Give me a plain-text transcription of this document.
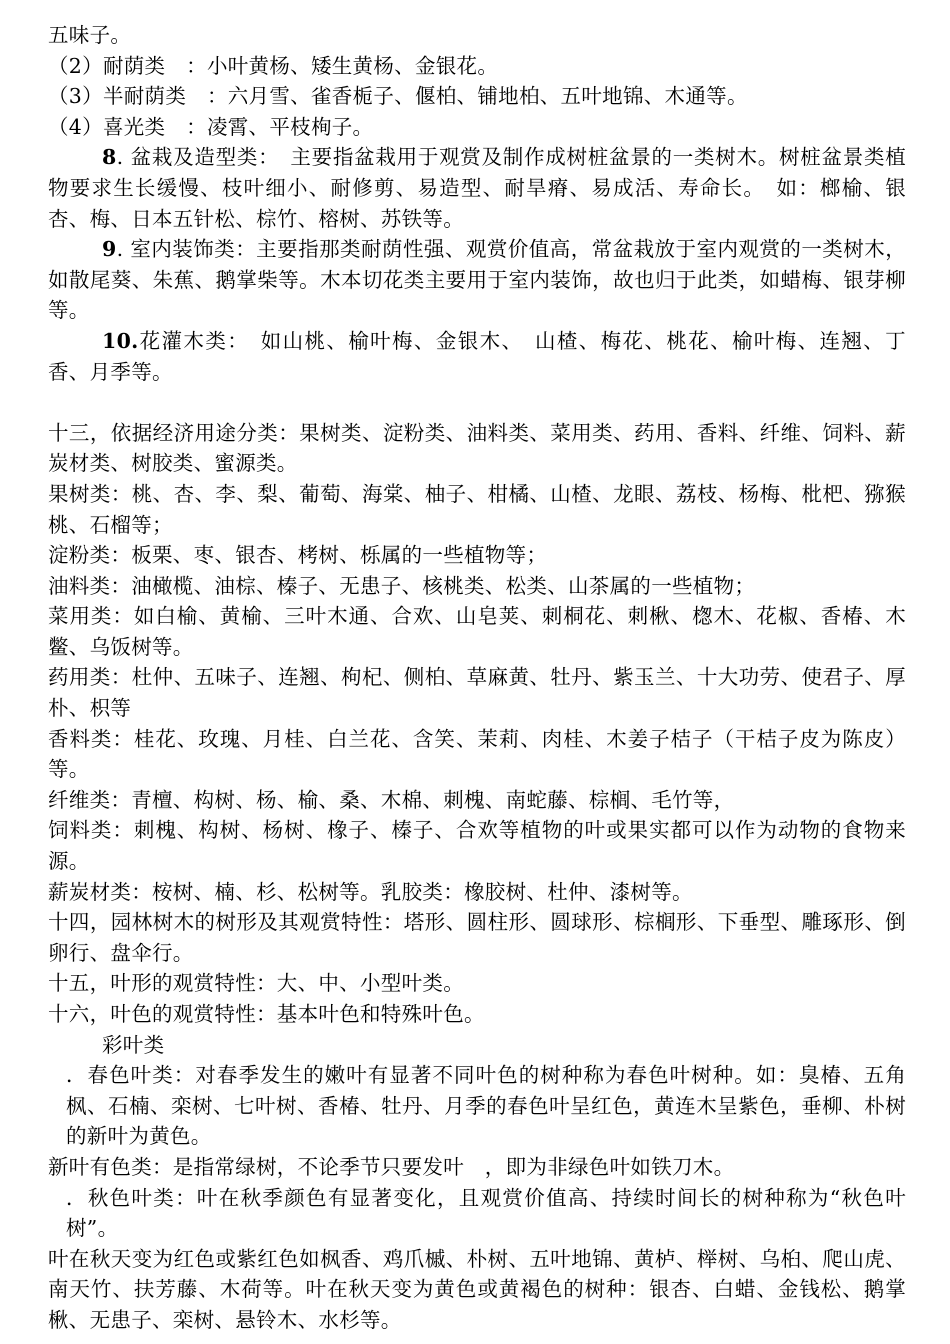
五味子。

（2）耐荫类　：小叶黄杨、矮生黄杨、金银花。

（3）半耐荫类　：六月雪、雀香栀子、偃柏、铺地柏、五叶地锦、木通等。

（4）喜光类　：凌霄、平枝栒子。

8. 盆栽及造型类：　主要指盆栽用于观赏及制作成树桩盆景的一类树木。树桩盆景类植物要求生长缓慢、枝叶细小、耐修剪、易造型、耐旱瘠、易成活、寿命长。　如：榔榆、银杏、梅、日本五针松、棕竹、榕树、苏铁等。

9. 室内装饰类：主要指那类耐荫性强、观赏价值高，常盆栽放于室内观赏的一类树木，如散尾葵、朱蕉、鹅掌柴等。木本切花类主要用于室内装饰，故也归于此类，如蜡梅、银芽柳等。

10.花灌木类：　如山桃、榆叶梅、金银木、　山楂、梅花、桃花、榆叶梅、连翘、丁香、月季等。

十三，依据经济用途分类：果树类、淀粉类、油料类、菜用类、药用、香料、纤维、饲料、薪炭材类、树胶类、蜜源类。

果树类：桃、杏、李、梨、葡萄、海棠、柚子、柑橘、山楂、龙眼、荔枝、杨梅、枇杷、猕猴桃、石榴等；

淀粉类：板栗、枣、银杏、栲树、栎属的一些植物等；

油料类：油橄榄、油棕、榛子、无患子、核桃类、松类、山茶属的一些植物；

菜用类：如白榆、黄榆、三叶木通、合欢、山皂荚、刺桐花、刺楸、楤木、花椒、香椿、木鳖、乌饭树等。

药用类：杜仲、五味子、连翘、枸杞、侧柏、草麻黄、牡丹、紫玉兰、十大功劳、使君子、厚朴、枳等

香料类：桂花、玫瑰、月桂、白兰花、含笑、茉莉、肉桂、木姜子桔子（干桔子皮为陈皮）等。

纤维类：青檀、构树、杨、榆、桑、木棉、刺槐、南蛇藤、棕榈、毛竹等，

饲料类：刺槐、构树、杨树、橡子、榛子、合欢等植物的叶或果实都可以作为动物的食物来源。

薪炭材类：桉树、楠、杉、松树等。乳胶类：橡胶树、杜仲、漆树等。

十四，园林树木的树形及其观赏特性：塔形、圆柱形、圆球形、棕榈形、下垂型、雕琢形、倒卵行、盘伞行。

十五，叶形的观赏特性：大、中、小型叶类。

十六，叶色的观赏特性：基本叶色和特殊叶色。

彩叶类

．春色叶类：对春季发生的嫩叶有显著不同叶色的树种称为春色叶树种。如：臭椿、五角枫、石楠、栾树、七叶树、香椿、牡丹、月季的春色叶呈红色，黄连木呈紫色，垂柳、朴树的新叶为黄色。

新叶有色类：是指常绿树，不论季节只要发叶　，即为非绿色叶如铁刀木。

．秋色叶类：叶在秋季颜色有显著变化，且观赏价值高、持续时间长的树种称为“秋色叶树”。

叶在秋天变为红色或紫红色如枫香、鸡爪槭、朴树、五叶地锦、黄栌、榉树、乌桕、爬山虎、南天竹、扶芳藤、木荷等。叶在秋天变为黄色或黄褐色的树种：银杏、白蜡、金钱松、鹅掌楸、无患子、栾树、悬铃木、水杉等。
